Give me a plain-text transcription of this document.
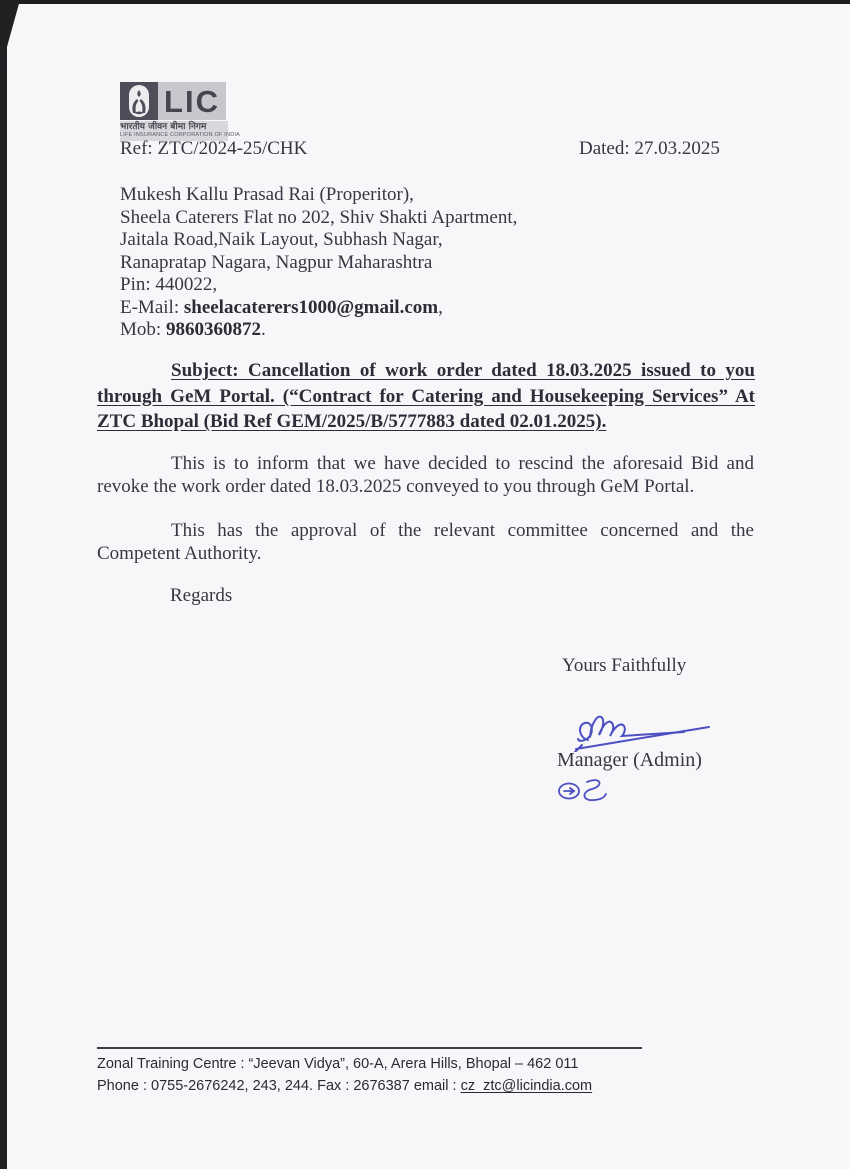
LIC
भारतीय जीवन बीमा निगम
LIFE INSURANCE CORPORATION OF INDIA
Ref: ZTC/2024-25/CHK	Dated: 27.03.2025
Mukesh Kallu Prasad Rai (Properitor),
Sheela Caterers Flat no 202, Shiv Shakti Apartment,
Jaitala Road,Naik Layout, Subhash Nagar,
Ranapratap Nagara, Nagpur Maharashtra
Pin: 440022,
E-Mail: sheelacaterers1000@gmail.com,
Mob: 9860360872.
Subject: Cancellation of work order dated 18.03.2025 issued to you through GeM Portal. (“Contract for Catering and Housekeeping Services” At ZTC Bhopal (Bid Ref GEM/2025/B/5777883 dated 02.01.2025).
This is to inform that we have decided to rescind the aforesaid Bid and revoke the work order dated 18.03.2025 conveyed to you through GeM Portal.
This has the approval of the relevant committee concerned and the Competent Authority.
Regards
Yours Faithfully
Manager (Admin)
Zonal Training Centre : “Jeevan Vidya”, 60-A, Arera Hills, Bhopal – 462 011
Phone : 0755-2676242, 243, 244. Fax : 2676387 email : cz_ztc@licindia.com
